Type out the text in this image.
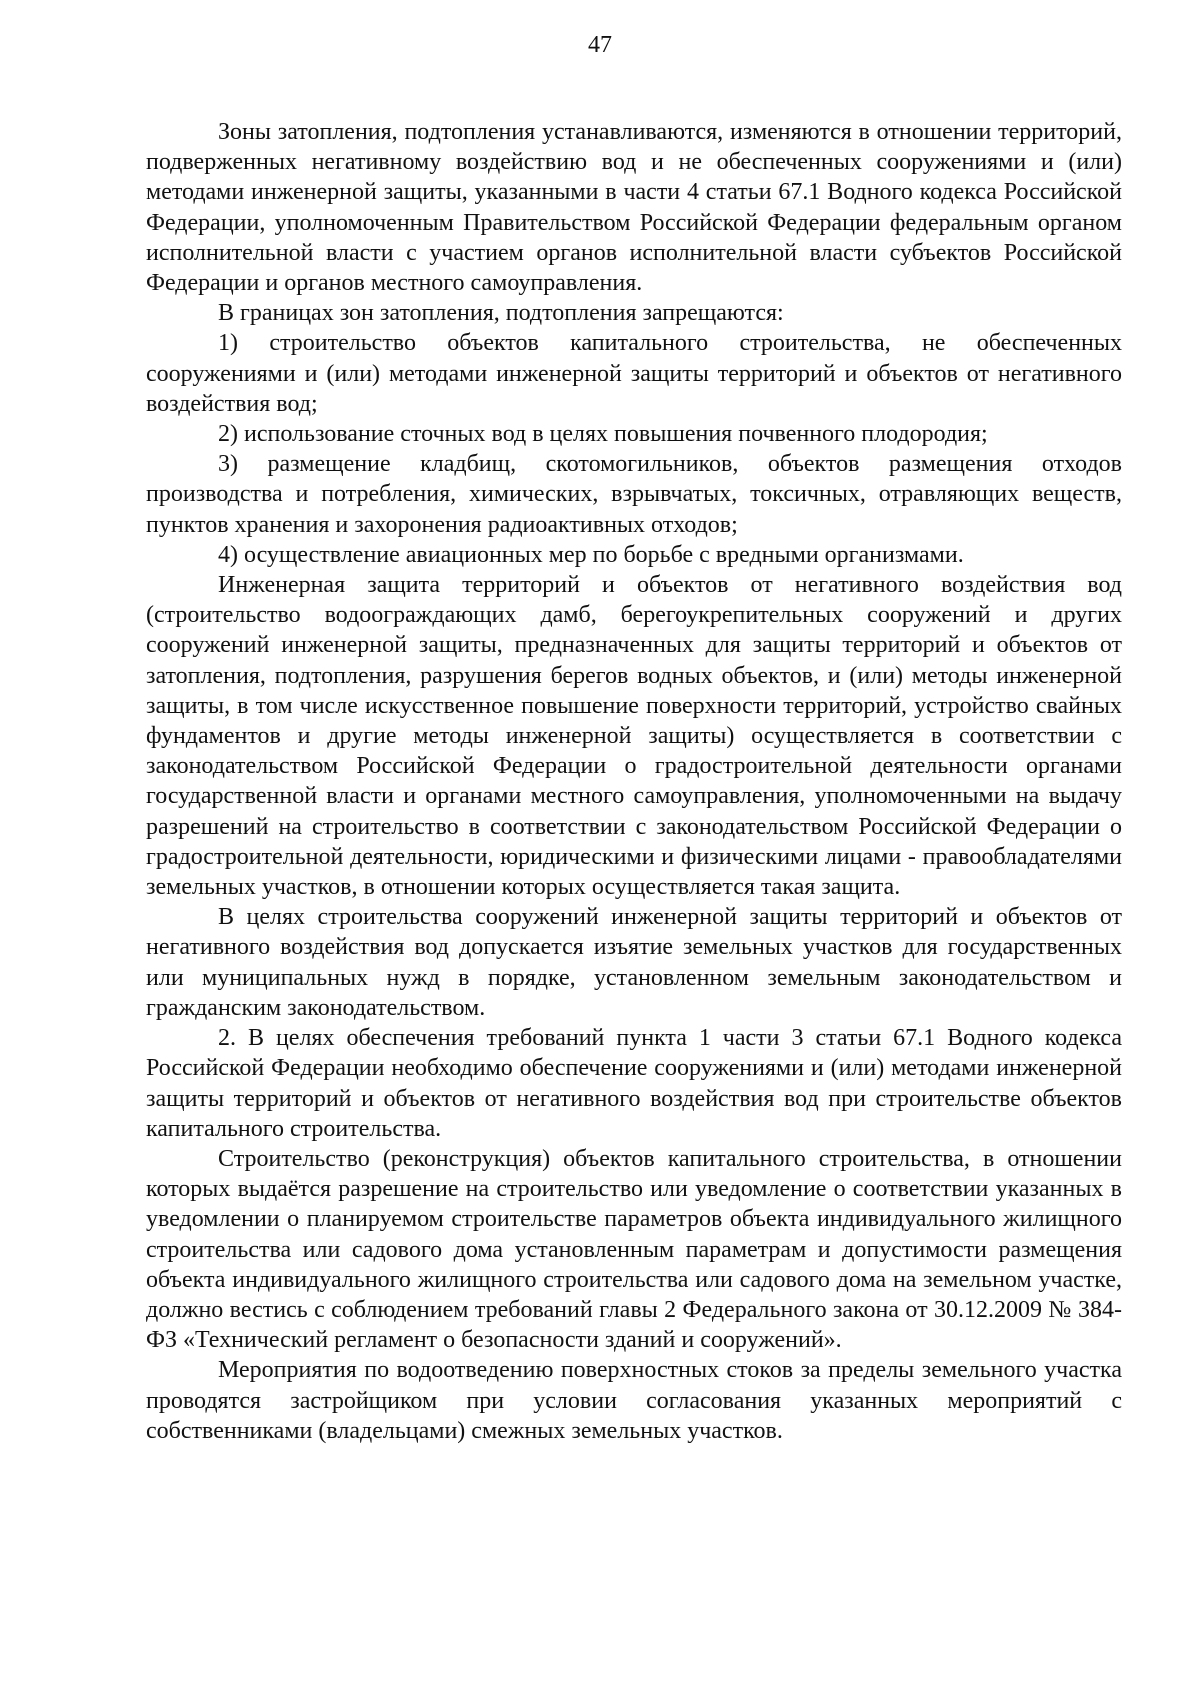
47

Зоны затопления, подтопления устанавливаются, изменяются в отношении территорий, подверженных негативному воздействию вод и не обеспеченных сооружениями и (или) методами инженерной защиты, указанными в части 4 статьи 67.1 Водного кодекса Российской Федерации, уполномоченным Правительством Российской Федерации федеральным органом исполнительной власти с участием органов исполнительной власти субъектов Российской Федерации и органов местного самоуправления.

В границах зон затопления, подтопления запрещаются:

1) строительство объектов капитального строительства, не обеспеченных сооружениями и (или) методами инженерной защиты территорий и объектов от негативного воздействия вод;

2) использование сточных вод в целях повышения почвенного плодородия;

3) размещение кладбищ, скотомогильников, объектов размещения отходов производства и потребления, химических, взрывчатых, токсичных, отравляющих веществ, пунктов хранения и захоронения радиоактивных отходов;

4) осуществление авиационных мер по борьбе с вредными организмами.

Инженерная защита территорий и объектов от негативного воздействия вод (строительство водоограждающих дамб, берегоукрепительных сооружений и других сооружений инженерной защиты, предназначенных для защиты территорий и объектов от затопления, подтопления, разрушения берегов водных объектов, и (или) методы инженерной защиты, в том числе искусственное повышение поверхности территорий, устройство свайных фундаментов и другие методы инженерной защиты) осуществляется в соответствии с законодательством Российской Федерации о градостроительной деятельности органами государственной власти и органами местного самоуправления, уполномоченными на выдачу разрешений на строительство в соответствии с законодательством Российской Федерации о градостроительной деятельности, юридическими и физическими лицами - правообладателями земельных участков, в отношении которых осуществляется такая защита.

В целях строительства сооружений инженерной защиты территорий и объектов от негативного воздействия вод допускается изъятие земельных участков для государственных или муниципальных нужд в порядке, установленном земельным законодательством и гражданским законодательством.

2. В целях обеспечения требований пункта 1 части 3 статьи 67.1 Водного кодекса Российской Федерации необходимо обеспечение сооружениями и (или) методами инженерной защиты территорий и объектов от негативного воздействия вод при строительстве объектов капитального строительства.

Строительство (реконструкция) объектов капитального строительства, в отношении которых выдаётся разрешение на строительство или уведомление о соответствии указанных в уведомлении о планируемом строительстве параметров объекта индивидуального жилищного строительства или садового дома установленным параметрам и допустимости размещения объекта индивидуального жилищного строительства или садового дома на земельном участке, должно вестись с соблюдением требований главы 2 Федерального закона от 30.12.2009 № 384-ФЗ «Технический регламент о безопасности зданий и сооружений».

Мероприятия по водоотведению поверхностных стоков за пределы земельного участка проводятся застройщиком при условии согласования указанных мероприятий с собственниками (владельцами) смежных земельных участков.
